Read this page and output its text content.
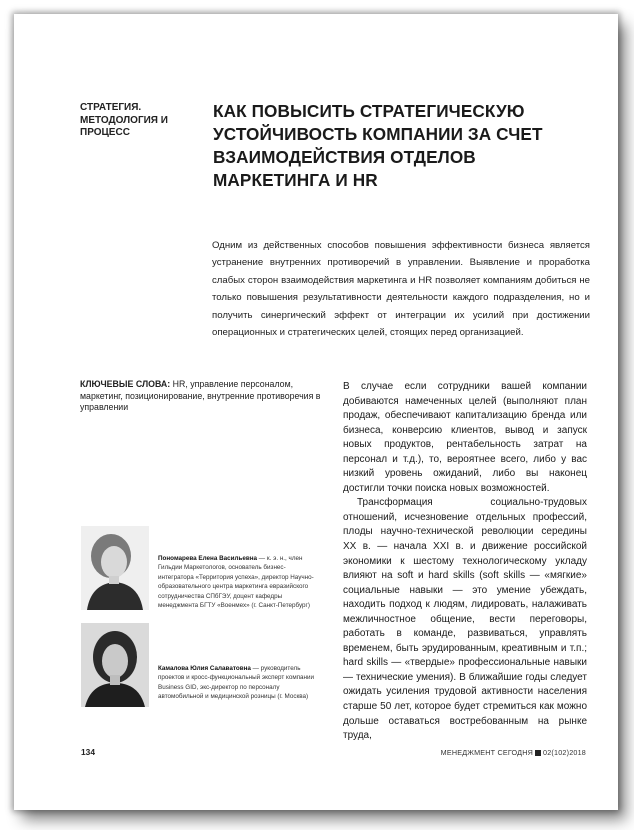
СТРАТЕГИЯ. МЕТОДОЛОГИЯ И ПРОЦЕСС
КАК ПОВЫСИТЬ СТРАТЕГИЧЕСКУЮ УСТОЙЧИВОСТЬ КОМПАНИИ ЗА СЧЕТ ВЗАИМОДЕЙСТВИЯ ОТДЕЛОВ МАРКЕТИНГА И HR
Одним из действенных способов повышения эффективности бизнеса является устранение внутренних противоречий в управлении. Выявление и проработка слабых сторон взаимодействия маркетинга и HR позволяет компаниям добиться не только повышения результативности деятельности каждого подразделения, но и получить синергический эффект от интеграции их усилий при достижении операционных и стратегических целей, стоящих перед организацией.
КЛЮЧЕВЫЕ СЛОВА: HR, управление персоналом, маркетинг, позиционирование, внутренние противоречия в управлении

В случае если сотрудники вашей компании добиваются намеченных целей (выполняют план продаж, обеспечивают капитализацию бренда или бизнеса, конверсию клиентов, вывод и запуск новых продуктов, рентабельность затрат на персонал и т.д.), то, вероятнее всего, либо у вас низкий уровень ожиданий, либо вы наконец достигли точки поиска новых возможностей.

Трансформация социально-трудовых отношений, исчезновение отдельных профессий, плоды научно-технической революции середины XX в. — начала XXI в. и движение российской экономики к шестому технологическому укладу влияют на soft и hard skills (soft skills — «мягкие» социальные навыки — это умение убеждать, находить подход к людям, лидировать, налаживать межличностное общение, вести переговоры, работать в команде, развиваться, управлять временем, быть эрудированным, креативным и т.п.; hard skills — «твердые» профессиональные навыки — технические умения). В ближайшие годы следует ожидать усиления трудовой активности населения старше 50 лет, которое будет стремиться как можно дольше оставаться востребованным на рынке труда,

Пономарева Елена Васильевна — к. э. н., член Гильдии Маркетологов, основатель бизнес-интегратора «Территория успеха», директор Научно-образовательного центра маркетинга евразийского сотрудничества СПбГЭУ, доцент кафедры менеджмента БГТУ «Военмех» (г. Санкт-Петербург)
Камалова Юлия Салаватовна — руководитель проектов и кросс-функциональный эксперт компании Business GID, экс-директор по персоналу автомобильной и медицинской розницы (г. Москва)
134	МЕНЕДЖМЕНТ СЕГОДНЯ 02(102)2018
